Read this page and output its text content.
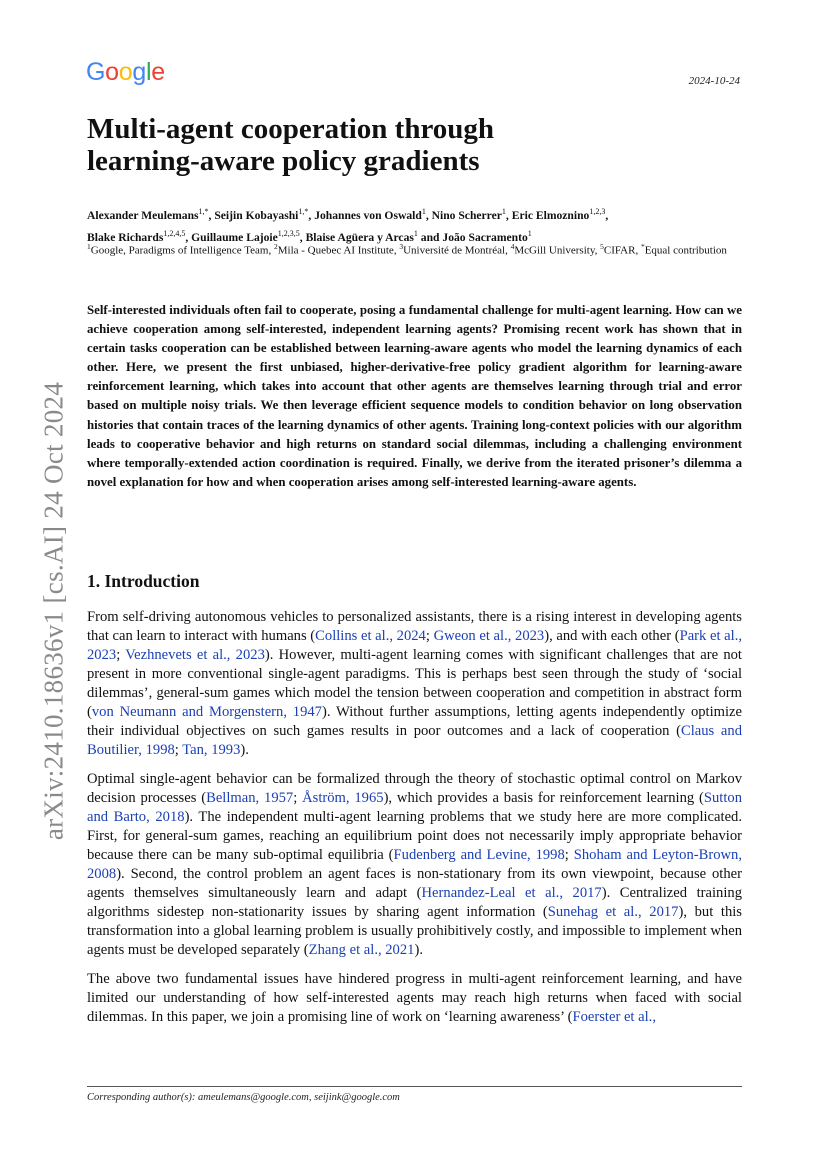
Google	2024-10-24
Multi-agent cooperation through
learning-aware policy gradients
Alexander Meulemans$^{1,*}$, Seijin Kobayashi$^{1,*}$, Johannes von Oswald$^1$, Nino Scherrer$^1$, Eric Elmoznino$^{1,2,3}$,
Blake Richards$^{1,2,4,5}$, Guillaume Lajoie$^{1,2,3,5}$, Blaise Agüera y Arcas$^1$ and João Sacramento$^1$
$^1$Google, Paradigms of Intelligence Team, $^2$Mila - Quebec AI Institute, $^3$Université de Montréal, $^4$McGill University, $^5$CIFAR, *Equal contribution

Self-interested individuals often fail to cooperate, posing a fundamental challenge for multi-agent learning. How can we achieve cooperation among self-interested, independent learning agents? Promising recent work has shown that in certain tasks cooperation can be established between learning-aware agents who model the learning dynamics of each other. Here, we present the first unbiased, higher-derivative-free policy gradient algorithm for learning-aware reinforcement learning, which takes into account that other agents are themselves learning through trial and error based on multiple noisy trials. We then leverage efficient sequence models to condition behavior on long observation histories that contain traces of the learning dynamics of other agents. Training long-context policies with our algorithm leads to cooperative behavior and high returns on standard social dilemmas, including a challenging environment where temporally-extended action coordination is required. Finally, we derive from the iterated prisoner’s dilemma a novel explanation for how and when cooperation arises among self-interested learning-aware agents.

arXiv:2410.18636v1 [cs.AI] 24 Oct 2024 1. Introduction

From self-driving autonomous vehicles to personalized assistants, there is a rising interest in developing agents that can learn to interact with humans (Collins et al., 2024; Gweon et al., 2023), and with each other (Park et al., 2023; Vezhnevets et al., 2023). However, multi-agent learning comes with significant challenges that are not present in more conventional single-agent paradigms. This is perhaps best seen through the study of ‘social dilemmas’, general-sum games which model the tension between cooperation and competition in abstract form (von Neumann and Morgenstern, 1947). Without further assumptions, letting agents independently optimize their individual objectives on such games results in poor outcomes and a lack of cooperation (Claus and Boutilier, 1998; Tan, 1993).

Optimal single-agent behavior can be formalized through the theory of stochastic optimal control on Markov decision processes (Bellman, 1957; Åström, 1965), which provides a basis for reinforcement learning (Sutton and Barto, 2018). The independent multi-agent learning problems that we study here are more complicated. First, for general-sum games, reaching an equilibrium point does not necessarily imply appropriate behavior because there can be many sub-optimal equilibria (Fudenberg and Levine, 1998; Shoham and Leyton-Brown, 2008). Second, the control problem an agent faces is non-stationary from its own viewpoint, because other agents themselves simultaneously learn and adapt (Hernandez-Leal et al., 2017). Centralized training algorithms sidestep non-stationarity issues by sharing agent information (Sunehag et al., 2017), but this transformation into a global learning problem is usually prohibitively costly, and impossible to implement when agents must be developed separately (Zhang et al., 2021).

The above two fundamental issues have hindered progress in multi-agent reinforcement learning, and have limited our understanding of how self-interested agents may reach high returns when faced with social dilemmas. In this paper, we join a promising line of work on ‘learning awareness’ (Foerster et al.,

Corresponding author(s): ameulemans@google.com, seijink@google.com
